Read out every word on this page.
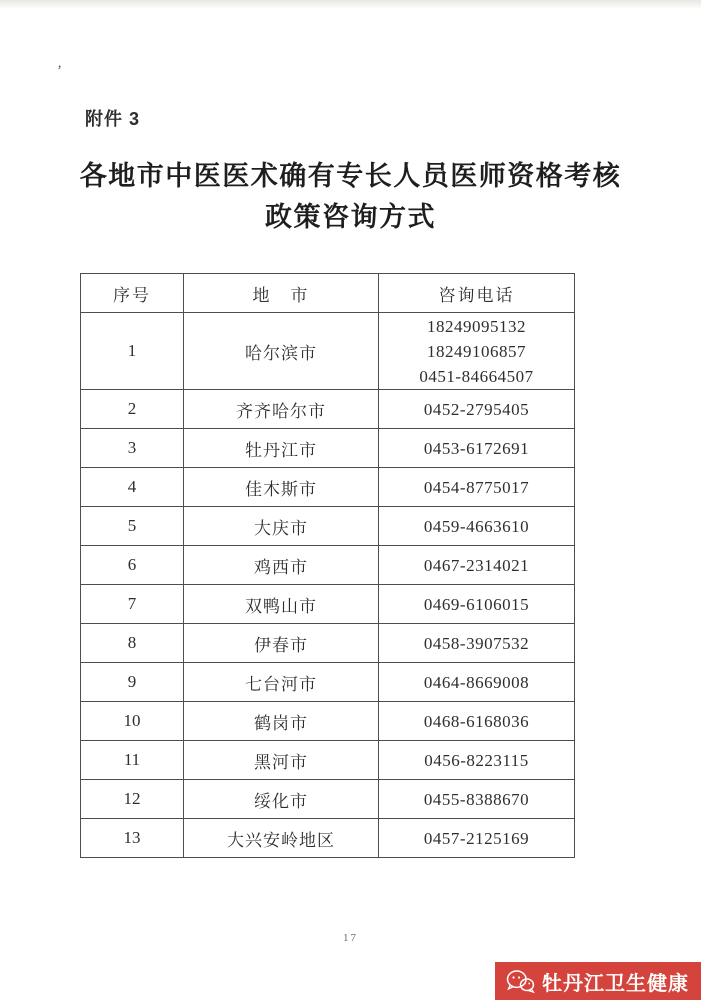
’
附件 3
各地市中医医术确有专长人员医师资格考核
政策咨询方式
序号	地　市	咨询电话
1	哈尔滨市	18249095132
18249106857
0451-84664507

2	齐齐哈尔市	0452-2795405

3	牡丹江市	0453-6172691

4	佳木斯市	0454-8775017

5	大庆市	0459-4663610

6	鸡西市	0467-2314021

7	双鸭山市	0469-6106015

8	伊春市	0458-3907532

9	七台河市	0464-8669008

10	鹤岗市	0468-6168036

11	黑河市	0456-8223115

12	绥化市	0455-8388670

13	大兴安岭地区	0457-2125169
17
牡丹江卫生健康
